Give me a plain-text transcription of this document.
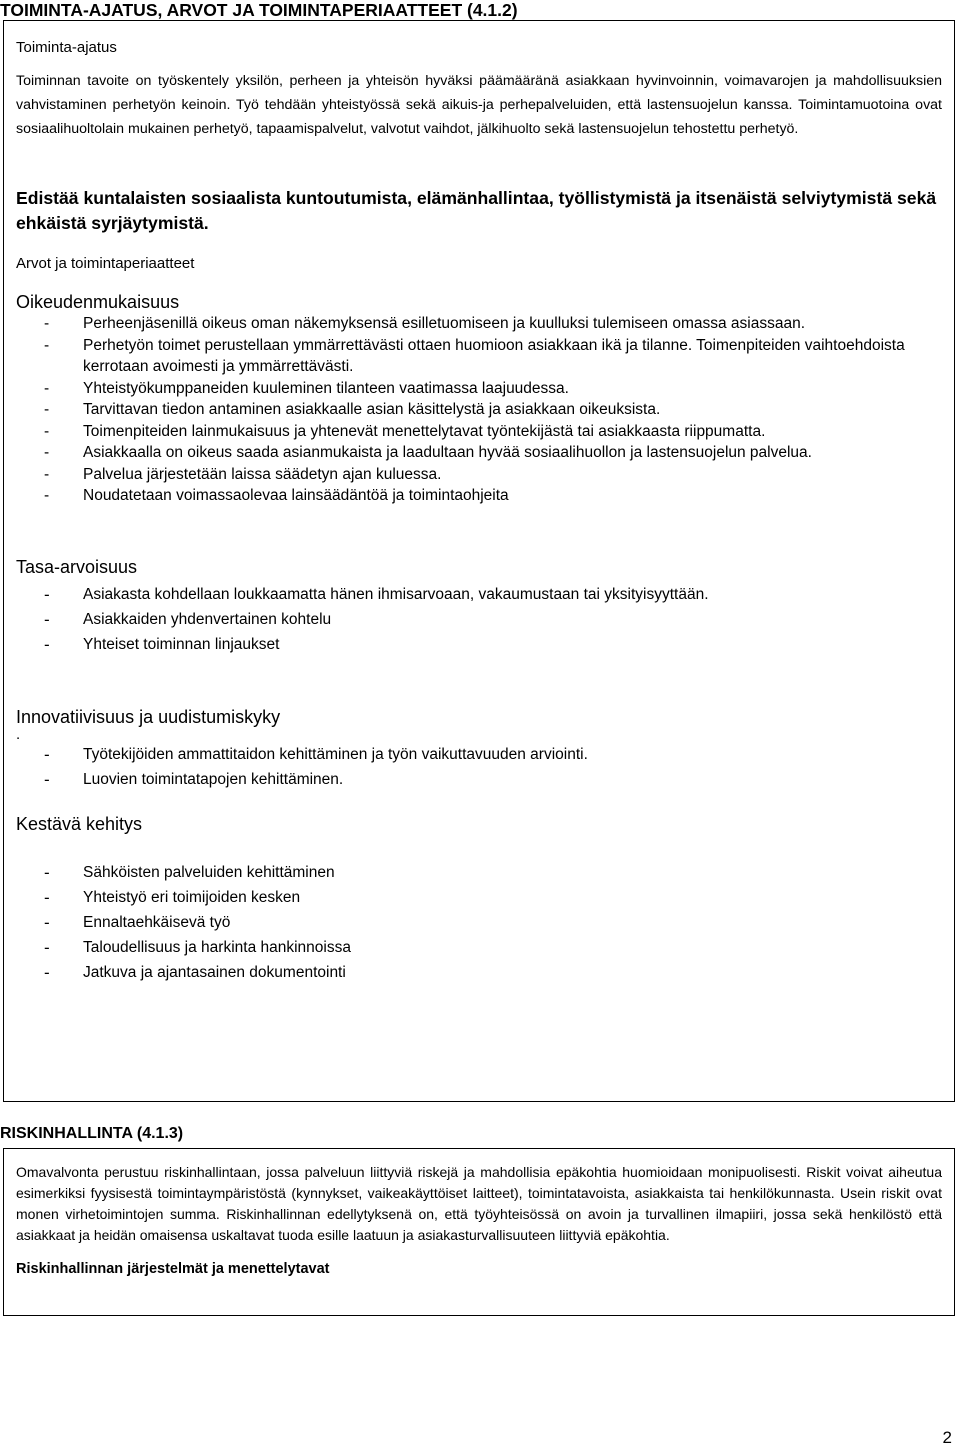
TOIMINTA-AJATUS, ARVOT JA TOIMINTAPERIAATTEET (4.1.2)

Toiminta-ajatus

Toiminnan tavoite on työskentely yksilön, perheen ja yhteisön hyväksi päämääränä asiakkaan hyvinvoinnin, voimavarojen ja mahdollisuuksien vahvistaminen perhetyön keinoin. Työ tehdään yhteistyössä sekä aikuis-ja perhepalveluiden, että lastensuojelun kanssa. Toimintamuotoina ovat sosiaalihuoltolain mukainen perhetyö, tapaamispalvelut, valvotut vaihdot, jälkihuolto sekä lastensuojelun tehostettu perhetyö.

Edistää kuntalaisten sosiaalista kuntoutumista, elämänhallintaa, työllistymistä ja itsenäistä selviytymistä sekä ehkäistä syrjäytymistä.

Arvot ja toimintaperiaatteet

Oikeudenmukaisuus
- Perheenjäsenillä oikeus oman näkemyksensä esilletuomiseen ja kuulluksi tulemiseen omassa asiassaan.
- Perhetyön toimet perustellaan ymmärrettävästi ottaen huomioon asiakkaan ikä ja tilanne. Toimenpiteiden vaihtoehdoista kerrotaan avoimesti ja ymmärrettävästi.
- Yhteistyökumppaneiden kuuleminen tilanteen vaatimassa laajuudessa.
- Tarvittavan tiedon antaminen asiakkaalle asian käsittelystä ja asiakkaan oikeuksista.
- Toimenpiteiden lainmukaisuus ja yhtenevät menettelytavat työntekijästä tai asiakkaasta riippumatta.
- Asiakkaalla on oikeus saada asianmukaista ja laadultaan hyvää sosiaalihuollon ja lastensuojelun palvelua.
- Palvelua järjestetään laissa säädetyn ajan kuluessa.
- Noudatetaan voimassaolevaa lainsäädäntöä ja toimintaohjeita
Tasa-arvoisuus
- Asiakasta kohdellaan loukkaamatta hänen ihmisarvoaan, vakaumustaan tai yksityisyyttään.
- Asiakkaiden yhdenvertainen kohtelu
- Yhteiset toiminnan linjaukset
Innovatiivisuus ja uudistumiskyky

.

- Työtekijöiden ammattitaidon kehittäminen ja työn vaikuttavuuden arviointi.
- Luovien toimintatapojen kehittäminen.
Kestävä kehitys
- Sähköisten palveluiden kehittäminen
- Yhteistyö eri toimijoiden kesken
- Ennaltaehkäisevä työ
- Taloudellisuus ja harkinta hankinnoissa
- Jatkuva ja ajantasainen dokumentointi
RISKINHALLINTA (4.1.3)

Omavalvonta perustuu riskinhallintaan, jossa palveluun liittyviä riskejä ja mahdollisia epäkohtia huomioidaan monipuolisesti. Riskit voivat aiheutua esimerkiksi fyysisestä toimintaympäristöstä (kynnykset, vaikeakäyttöiset laitteet), toimintatavoista, asiakkaista tai henkilökunnasta. Usein riskit ovat monen virhetoimintojen summa. Riskinhallinnan edellytyksenä on, että työyhteisössä on avoin ja turvallinen ilmapiiri, jossa sekä henkilöstö että asiakkaat ja heidän omaisensa uskaltavat tuoda esille laatuun ja asiakasturvallisuuteen liittyviä epäkohtia.

Riskinhallinnan järjestelmät ja menettelytavat

2
